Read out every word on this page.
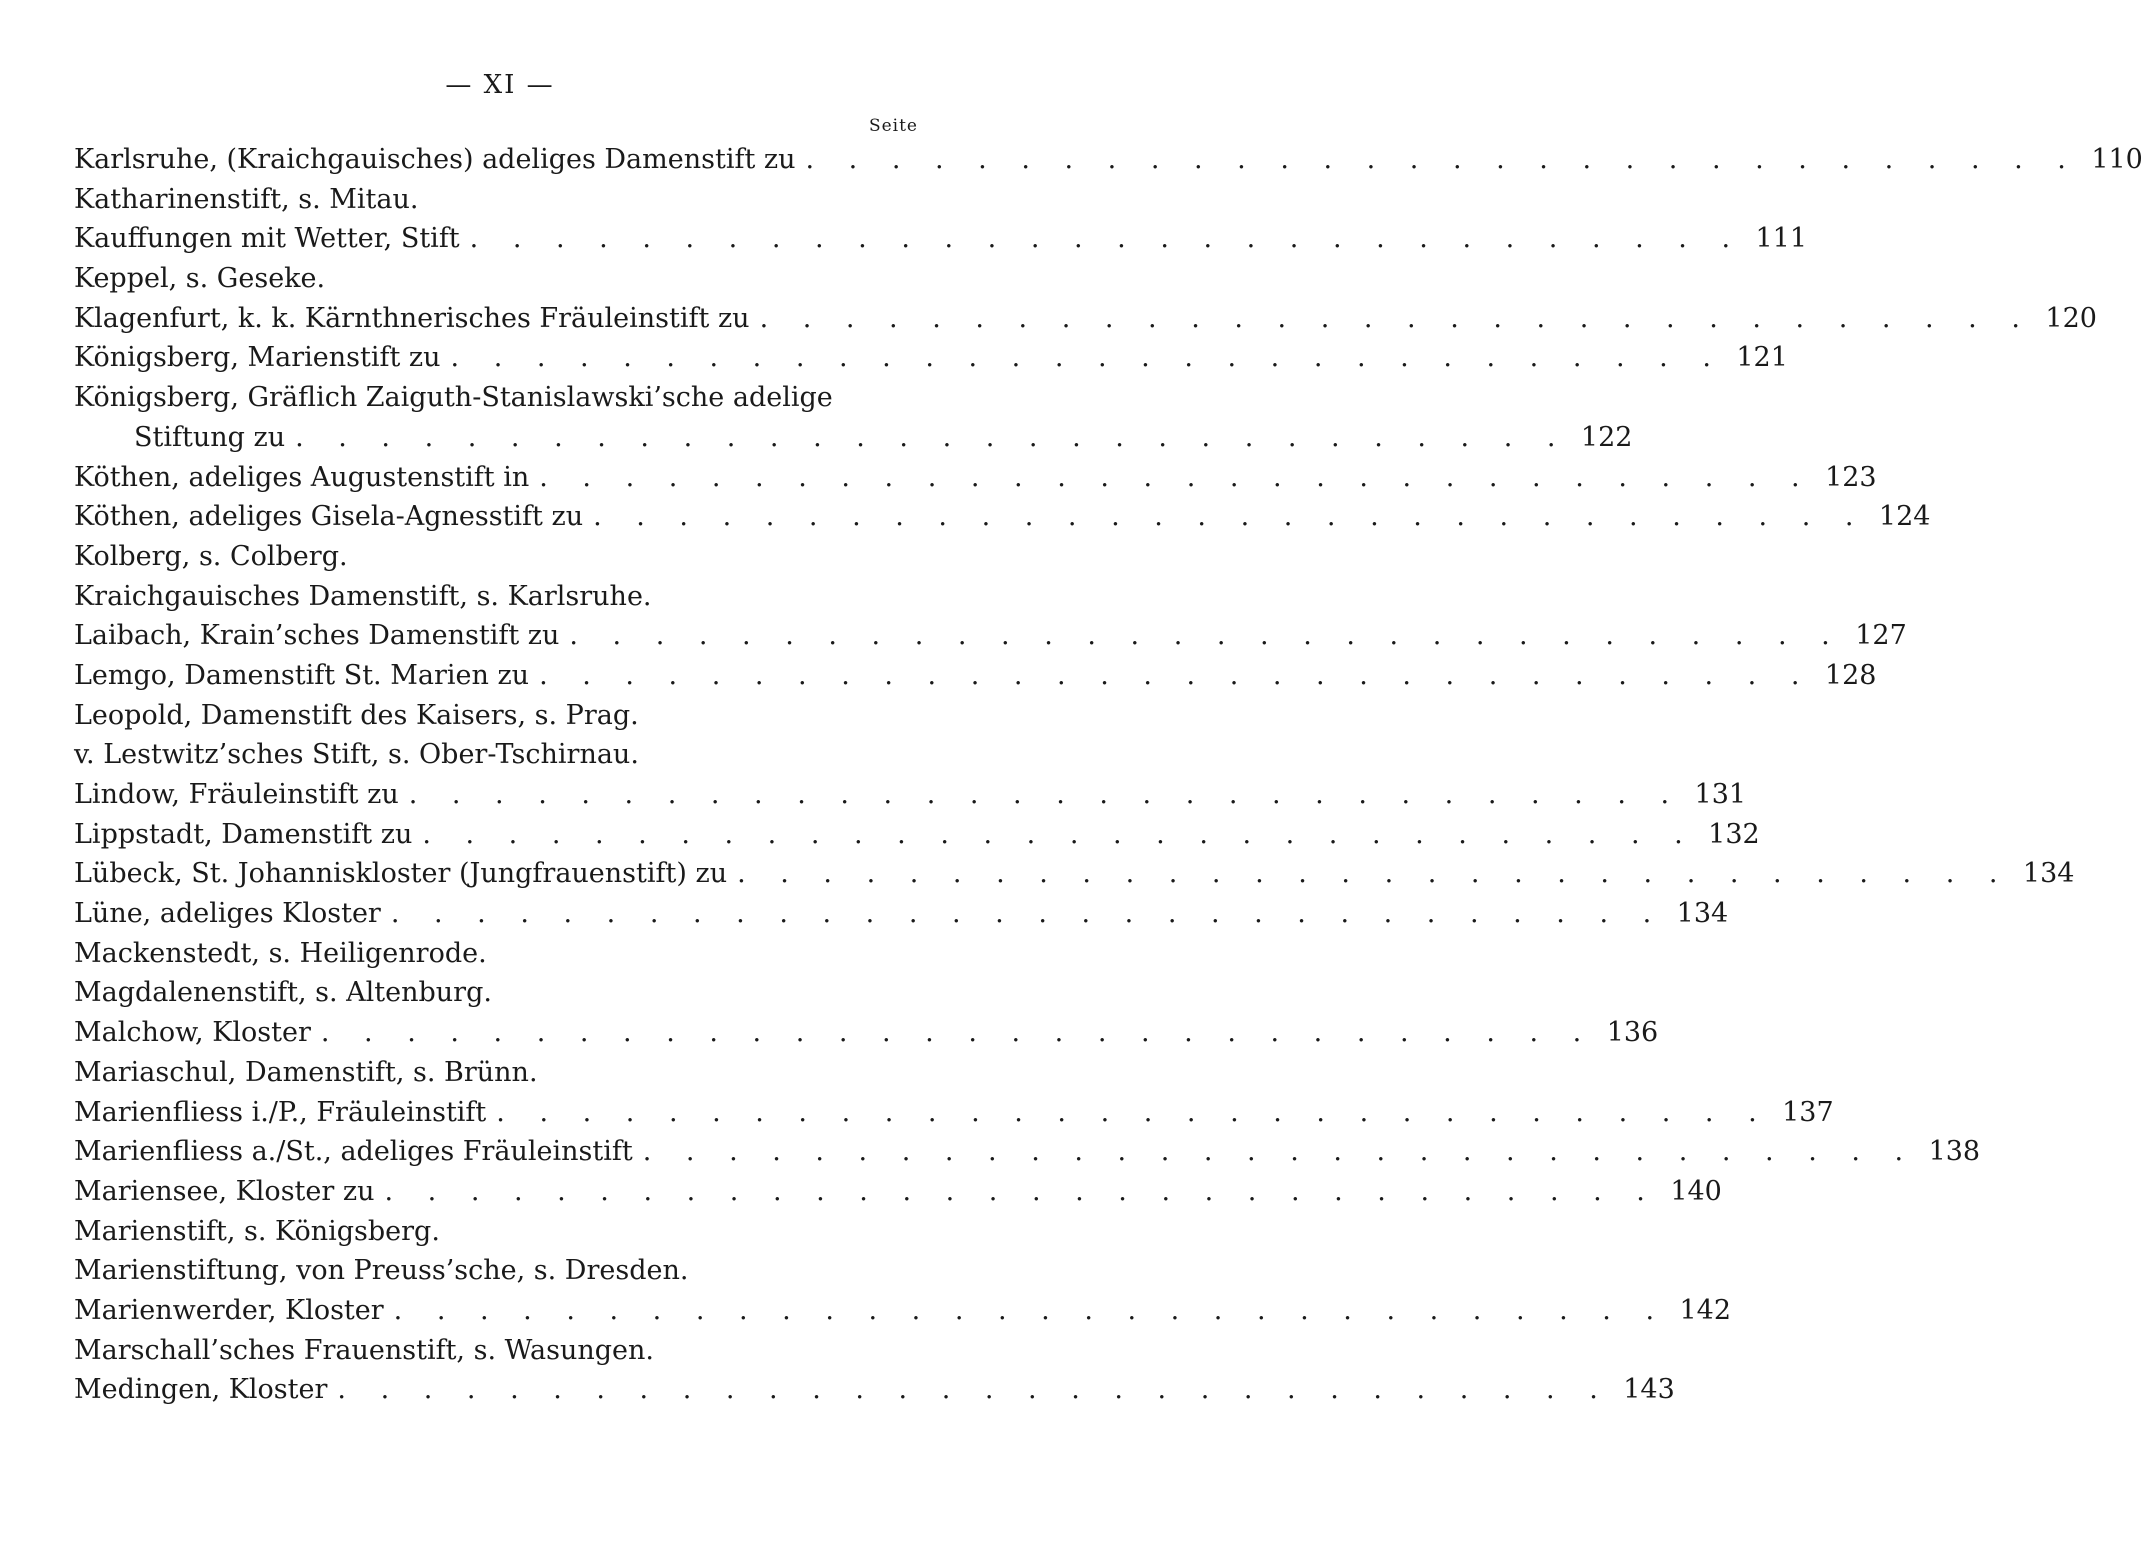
— XI —
Seite
Karlsruhe, (Kraichgauisches) adeliges Damenstift zu . . . . . . . . . . . . . . . . . . . . . . . . . . . . . . 110
Katharinenstift, s. Mitau.
Kauffungen mit Wetter, Stift . . . . . . . . . . . . . . . . . . . . . . . . . . . . . . 111
Keppel, s. Geseke.
Klagenfurt, k. k. Kärnthnerisches Fräuleinstift zu . . . . . . . . . . . . . . . . . . . . . . . . . . . . . . 120
Königsberg, Marienstift zu . . . . . . . . . . . . . . . . . . . . . . . . . . . . . . 121
Königsberg, Gräflich Zaiguth-Stanislawski’sche adelige
Stiftung zu . . . . . . . . . . . . . . . . . . . . . . . . . . . . . . 122
Köthen, adeliges Augustenstift in . . . . . . . . . . . . . . . . . . . . . . . . . . . . . . 123
Köthen, adeliges Gisela-Agnesstift zu . . . . . . . . . . . . . . . . . . . . . . . . . . . . . . 124
Kolberg, s. Colberg.
Kraichgauisches Damenstift, s. Karlsruhe.
Laibach, Krain’sches Damenstift zu . . . . . . . . . . . . . . . . . . . . . . . . . . . . . . 127
Lemgo, Damenstift St. Marien zu . . . . . . . . . . . . . . . . . . . . . . . . . . . . . . 128
Leopold, Damenstift des Kaisers, s. Prag.
v. Lestwitz’sches Stift, s. Ober-Tschirnau.
Lindow, Fräuleinstift zu . . . . . . . . . . . . . . . . . . . . . . . . . . . . . . 131
Lippstadt, Damenstift zu . . . . . . . . . . . . . . . . . . . . . . . . . . . . . . 132
Lübeck, St. Johanniskloster (Jungfrauenstift) zu . . . . . . . . . . . . . . . . . . . . . . . . . . . . . . 134
Lüne, adeliges Kloster . . . . . . . . . . . . . . . . . . . . . . . . . . . . . . 134
Mackenstedt, s. Heiligenrode.
Magdalenenstift, s. Altenburg.
Malchow, Kloster . . . . . . . . . . . . . . . . . . . . . . . . . . . . . . 136
Mariaschul, Damenstift, s. Brünn.
Marienfliess i./P., Fräuleinstift . . . . . . . . . . . . . . . . . . . . . . . . . . . . . . 137
Marienfliess a./St., adeliges Fräuleinstift . . . . . . . . . . . . . . . . . . . . . . . . . . . . . . 138
Mariensee, Kloster zu . . . . . . . . . . . . . . . . . . . . . . . . . . . . . . 140
Marienstift, s. Königsberg.
Marienstiftung, von Preuss’sche, s. Dresden.
Marienwerder, Kloster . . . . . . . . . . . . . . . . . . . . . . . . . . . . . . 142
Marschall’sches Frauenstift, s. Wasungen.
Medingen, Kloster . . . . . . . . . . . . . . . . . . . . . . . . . . . . . . 143
